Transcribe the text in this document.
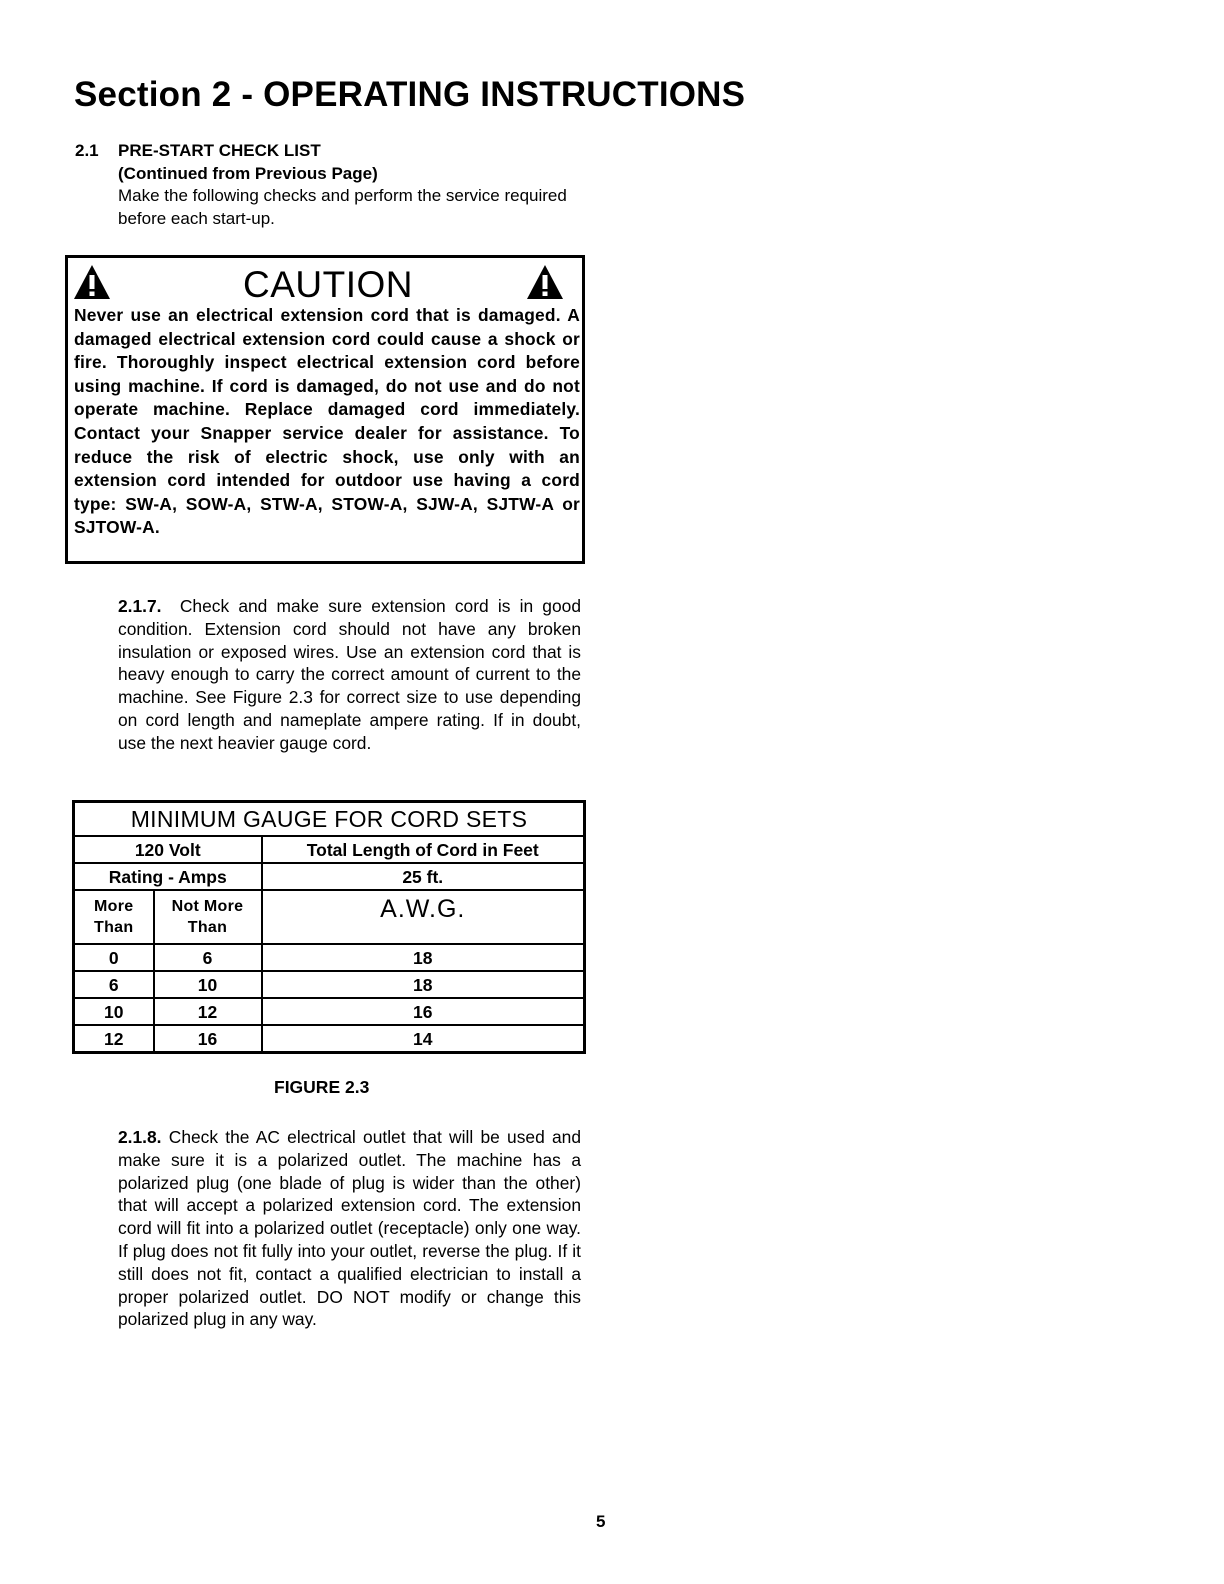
Section 2 - OPERATING INSTRUCTIONS
2.1 PRE-START CHECK LIST
(Continued from Previous Page)
Make the following checks and perform the service required before each start-up.
CAUTION
Never use an electrical extension cord that is damaged. A damaged electrical extension cord could cause a shock or fire. Thoroughly inspect electrical extension cord before using machine. If cord is damaged, do not use and do not operate machine. Replace damaged cord immediately. Contact your Snapper service dealer for assistance. To reduce the risk of electric shock, use only with an extension cord intended for outdoor use having a cord type: SW-A, SOW-A, STW-A, STOW-A, SJW-A, SJTW-A or SJTOW-A.
2.1.7. Check and make sure extension cord is in good condition. Extension cord should not have any broken insulation or exposed wires. Use an extension cord that is heavy enough to carry the correct amount of current to the machine. See Figure 2.3 for correct size to use depending on cord length and nameplate ampere rating. If in doubt, use the next heavier gauge cord.
MINIMUM GAUGE FOR CORD SETS		
120 Volt		Total Length of Cord in Feet
Rating - Amps		25 ft.
More Than	Not More Than	A.W.G.
0	6	18
6	10	18
10	12	16
12	16	14
FIGURE 2.3
2.1.8. Check the AC electrical outlet that will be used and make sure it is a polarized outlet. The machine has a polarized plug (one blade of plug is wider than the other) that will accept a polarized extension cord. The extension cord will fit into a polarized outlet (receptacle) only one way. If plug does not fit fully into your outlet, reverse the plug. If it still does not fit, contact a qualified electrician to install a proper polarized outlet. DO NOT modify or change this polarized plug in any way.
5
